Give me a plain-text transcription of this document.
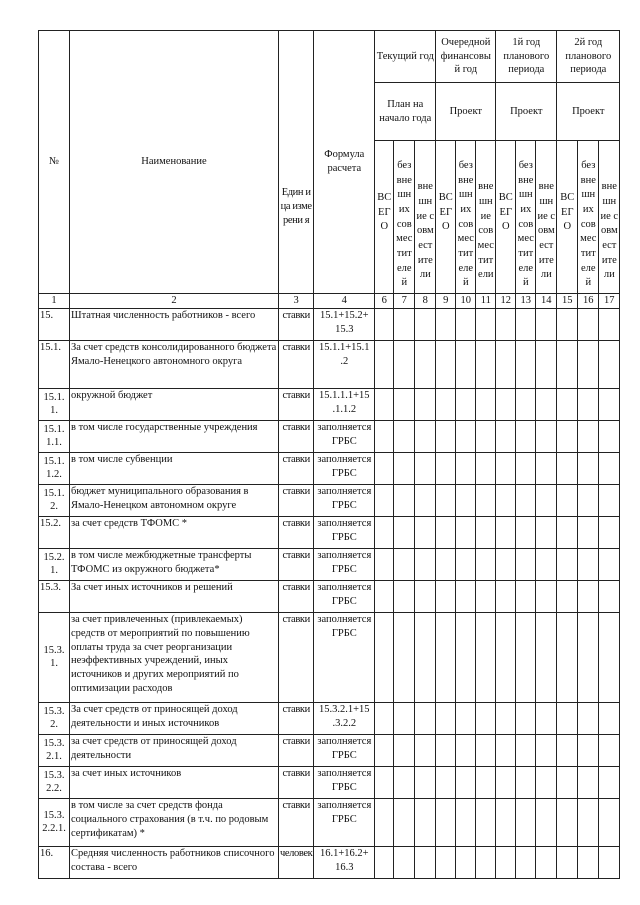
№	Наименование	Един ица изме рени я	Формула расчета	Текущий год			Очередной финансовы й год			1й год планового периода			2й год планового периода		
				План на начало года			Проект			Проект			Проект		
				ВСЕГО	без внешних совместителей	внешние совместители	ВСЕГО	без внешних совместителей	внешние совместители	ВСЕГО	без внешних совместителей	внешние совместители	ВСЕГО	без внешних совместителей	внешние совместители
1	2	3	4	6	7	8	9	10	11	12	13	14	15	16	17
15.	Штатная численность работников - всего	ставки	15.1+15.2+ 15.3												
15.1.	За счет средств консолидированного бюджета Ямало-Ненецкого автономного округа	ставки	15.1.1+15.1 .2												
15.1. 1.	окружной бюджет	ставки	15.1.1.1+15 .1.1.2												
15.1. 1.1.	в том числе государственные учреждения	ставки	заполняется ГРБС												
15.1. 1.2.	в том числе субвенции	ставки	заполняется ГРБС												
15.1. 2.	бюджет муниципального образования в Ямало-Ненецком автономном округе	ставки	заполняется ГРБС												
15.2.	за счет средств ТФОМС *	ставки	заполняется ГРБС												
15.2. 1.	в том числе межбюджетные трансферты ТФОМС из окружного бюджета*	ставки	заполняется ГРБС												
15.3.	За счет иных источников и решений	ставки	заполняется ГРБС												
15.3. 1.	за счет привлеченных (привлекаемых) средств от мероприятий по повышению оплаты труда за счет реорганизации неэффективных учреждений, иных источников и других мероприятий по оптимизации расходов	ставки	заполняется ГРБС												
15.3. 2.	За счет средств от приносящей доход деятельности и иных источников	ставки	15.3.2.1+15 .3.2.2												
15.3. 2.1.	за счет средств от приносящей доход деятельности	ставки	заполняется ГРБС												
15.3. 2.2.	за счет иных источников	ставки	заполняется ГРБС												
15.3. 2.2.1.	в том числе за счет средств фонда социального страхования (в т.ч. по родовым сертификатам) *	ставки	заполняется ГРБС												
16.	Средняя численность работников списочного состава - всего	человек	16.1+16.2+ 16.3												
